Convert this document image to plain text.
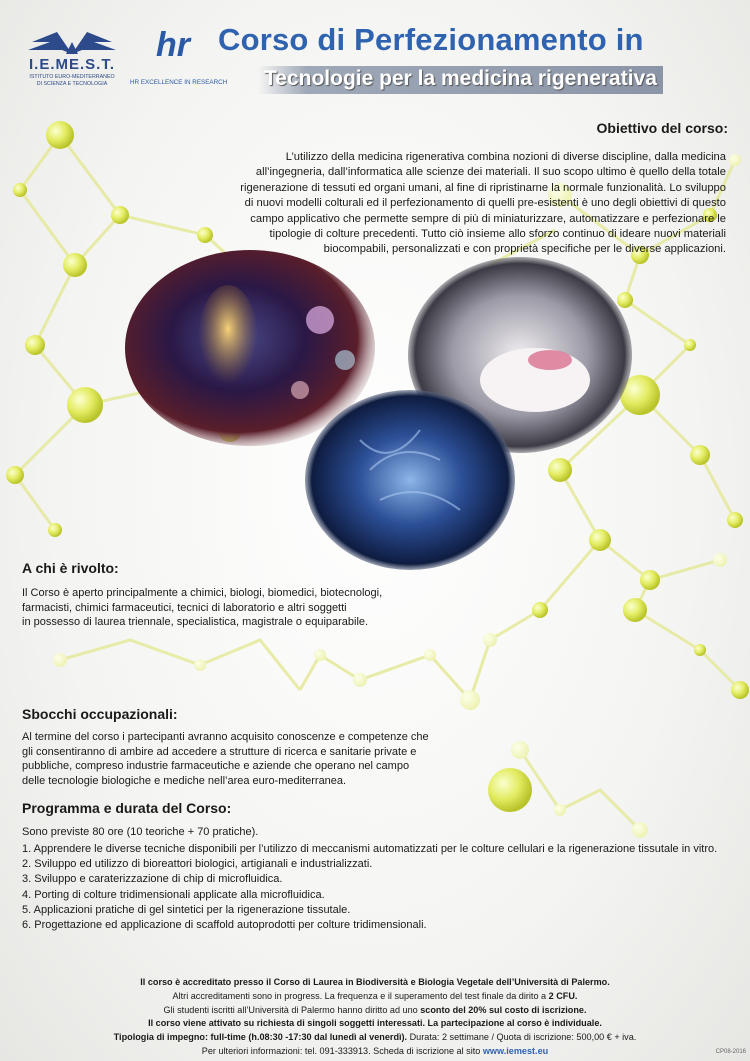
I.E.ME.S.T.
ISTITUTO EURO-MEDITERRANEO
DI SCIENZA E TECNOLOGIA
hr
HR EXCELLENCE IN RESEARCH
Corso di Perfezionamento in
Tecnologie per la medicina rigenerativa
Obiettivo del corso:

L’utilizzo della medicina rigenerativa combina nozioni di diverse discipline, dalla medicina all’ingegneria, dall’informatica alle scienze dei materiali. Il suo scopo ultimo è quello della totale rigenerazione di tessuti ed organi umani, al fine di ripristinarne la normale funzionalità. Lo sviluppo di nuovi modelli colturali ed il perfezionamento di quelli pre-esistenti è uno degli obiettivi di questo campo applicativo che permette sempre di più di miniaturizzare, automatizzare e perfezionare le tipologie di colture precedenti. Tutto ciò insieme allo sforzo continuo di ideare nuovi materiali biocompabili, personalizzati e con proprietà specifiche per le diverse applicazioni.

A chi è rivolto:
Il Corso è aperto principalmente a chimici, biologi, biomedici, biotecnologi,
farmacisti, chimici farmaceutici, tecnici di laboratorio e altri soggetti
in possesso di laurea triennale, specialistica, magistrale o equiparabile.
Sbocchi occupazionali:
Al termine del corso i partecipanti avranno acquisito conoscenze e competenze che
gli consentiranno di ambire ad accedere a strutture di ricerca e sanitarie private e
pubbliche, compreso industrie farmaceutiche e aziende che operano nel campo
delle tecnologie biologiche e mediche nell’area euro-mediterranea.
Programma e durata del Corso:

Sono previste 80 ore (10 teoriche + 70 pratiche).

1. Apprendere le diverse tecniche disponibili per l’utilizzo di meccanismi automatizzati per le colture cellulari e la rigenerazione tissutale in vitro.
2. Sviluppo ed utilizzo di bioreattori biologici, artigianali e industrializzati.
3. Sviluppo e caraterizzazione di chip di microfluidica.
4. Porting di colture tridimensionali applicate alla microfluidica.
5. Applicazioni pratiche di gel sintetici per la rigenerazione tissutale.
6. Progettazione ed applicazione di scaffold autoprodotti per colture tridimensionali.
Il corso è accreditato presso il Corso di Laurea in Biodiversità e Biologia Vegetale dell’Università di Palermo.
Altri accreditamenti sono in progress. La frequenza e il superamento del test finale da dirito a 2 CFU.
Gli studenti iscritti all’Università di Palermo hanno diritto ad uno sconto del 20% sul costo di iscrizione.
Il corso viene attivato su richiesta di singoli soggetti interessati. La partecipazione al corso è individuale.
Tipologia di impegno: full-time (h.08:30 -17:30 dal lunedì al venerdì). Durata: 2 settimane / Quota di iscrizione: 500,00 € + iva.
Per ulteriori informazioni: tel. 091-333913. Scheda di iscrizione al sito www.iemest.eu	CP08-2016
